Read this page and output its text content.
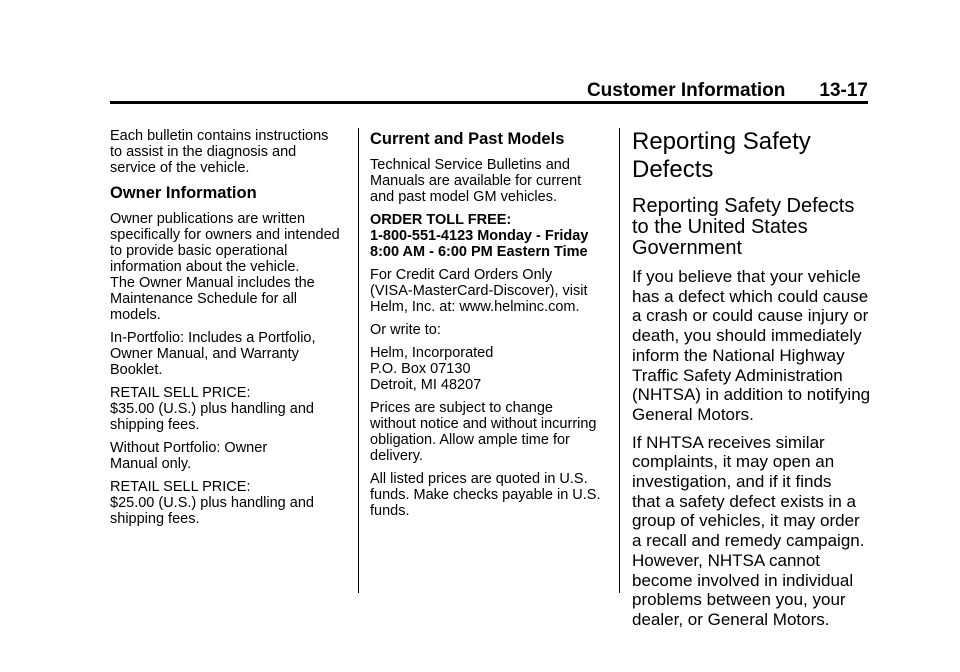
Customer Information 13-17

Each bulletin contains instructions
to assist in the diagnosis and
service of the vehicle.

Owner Information

Owner publications are written
specifically for owners and intended
to provide basic operational
information about the vehicle.
The Owner Manual includes the
Maintenance Schedule for all
models.

In-Portfolio: Includes a Portfolio,
Owner Manual, and Warranty
Booklet.

RETAIL SELL PRICE:
$35.00 (U.S.) plus handling and
shipping fees.

Without Portfolio: Owner
Manual only.

RETAIL SELL PRICE:
$25.00 (U.S.) plus handling and
shipping fees.

Current and Past Models

Technical Service Bulletins and
Manuals are available for current
and past model GM vehicles.

ORDER TOLL FREE:
1-800-551-4123 Monday - Friday
8:00 AM - 6:00 PM Eastern Time

For Credit Card Orders Only
(VISA-MasterCard-Discover), visit
Helm, Inc. at: www.helminc.com.

Or write to:

Helm, Incorporated
P.O. Box 07130
Detroit, MI 48207

Prices are subject to change
without notice and without incurring
obligation. Allow ample time for
delivery.

All listed prices are quoted in U.S.
funds. Make checks payable in U.S.
funds.

Reporting Safety
Defects
Reporting Safety Defects
to the United States
Government

If you believe that your vehicle
has a defect which could cause
a crash or could cause injury or
death, you should immediately
inform the National Highway
Traffic Safety Administration
(NHTSA) in addition to notifying
General Motors.

If NHTSA receives similar
complaints, it may open an
investigation, and if it finds
that a safety defect exists in a
group of vehicles, it may order
a recall and remedy campaign.
However, NHTSA cannot
become involved in individual
problems between you, your
dealer, or General Motors.
